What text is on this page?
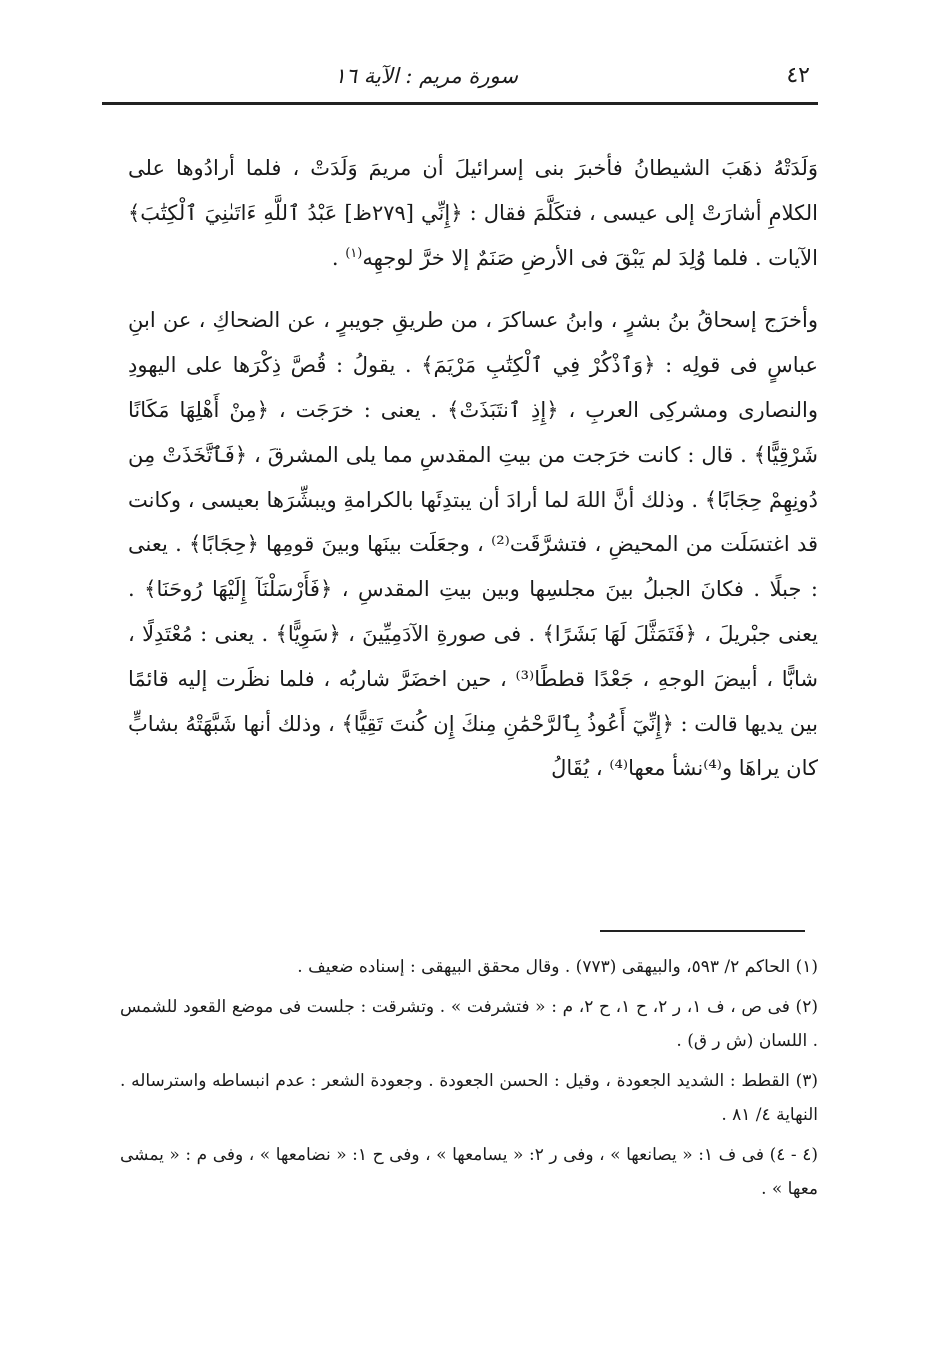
٤٢
سورة مريم : الآية ١٦
وَلَدَتْهُ ذهَبَ الشيطانُ فأخبرَ بنى إسرائيلَ أن مريمَ وَلَدَتْ ، فلما أرادُوها على الكلامِ أشارَتْ إلى عيسى ، فتكَلَّمَ فقال : ﴿إِنِّي [٢٧٩ظ] عَبْدُ ٱللَّهِ ءَاتَىٰنِيَ ٱلْكِتَٰبَ﴾ الآيات . فلما وُلِدَ لم يَبْقَ فى الأرضِ صَنَمٌ إلا خرَّ لوجهِه$^{(١)}$ .
وأخرَج إسحاقُ بنُ بشرٍ ، وابنُ عساكرَ ، من طريقِ جويبرٍ ، عن الضحاكِ ، عن ابنِ عباسٍ فى قولِه : ﴿وَٱذْكُرْ فِي ٱلْكِتَٰبِ مَرْيَمَ﴾ . يقولُ : قُصَّ ذِكْرَها على اليهودِ والنصارى ومشركِى العربِ ، ﴿إِذِ ٱنتَبَذَتْ﴾ . يعنى : خرَجَت ، ﴿مِنْ أَهْلِهَا مَكَانًا شَرْقِيًّا﴾ . قال : كانت خرَجت من بيتِ المقدسِ مما يلى المشرقَ ، ﴿فَٱتَّخَذَتْ مِن دُونِهِمْ حِجَابًا﴾ . وذلك أنَّ اللهَ لما أرادَ أن يبتدِئَها بالكرامةِ ويبشِّرَها بعيسى ، وكانت قد اغتسَلَت من المحيضِ ، فتشرَّقَت⁽²⁾ ، وجعَلَت بينَها وبينَ قومِها ﴿حِجَابًا﴾ . يعنى : جبلًا . فكانَ الجبلُ بينَ مجلسِها وبين بيتِ المقدسِ ، ﴿فَأَرْسَلْنَآ إِلَيْهَا رُوحَنَا﴾ . يعنى جبْريلَ ، ﴿فَتَمَثَّلَ لَهَا بَشَرًا﴾ . فى صورةِ الآدَمِيِّينَ ، ﴿سَوِيًّا﴾ . يعنى : مُعْتَدِلًا ، شابًّا ، أبيضَ الوجهِ ، جَعْدًا قططًا⁽³⁾ ، حين اخضَرَّ شاربُه ، فلما نظَرت إليه قائمًا بين يديها قالت : ﴿إِنِّيٓ أَعُوذُ بِٱلرَّحْمَٰنِ مِنكَ إِن كُنتَ تَقِيًّا﴾ ، وذلك أنها شَبَّهَتْهُ بشابٍّ كان يراهَا و⁽⁴⁾نشأ معها⁽⁴⁾ ، يُقَالُ

(١) الحاكم ٢/ ٥٩٣، والبيهقى (٧٧٣) . وقال محقق البيهقى : إسناده ضعيف .

(٢) فى ص ، ف ١، ر ٢، ح ١، ح ٢، م : « فتشرفت » . وتشرقت : جلست فى موضع القعود للشمس . اللسان (ش ر ق) .

(٣) القطط : الشديد الجعودة ، وقيل : الحسن الجعودة . وجعودة الشعر : عدم انبساطه واسترساله . النهاية ٤/ ٨١ .

(٤ - ٤) فى ف ١: « يصانعها » ، وفى ر ٢: « يسامعها » ، وفى ح ١: « نضامعها » ، وفى م : « يمشى معها » .
